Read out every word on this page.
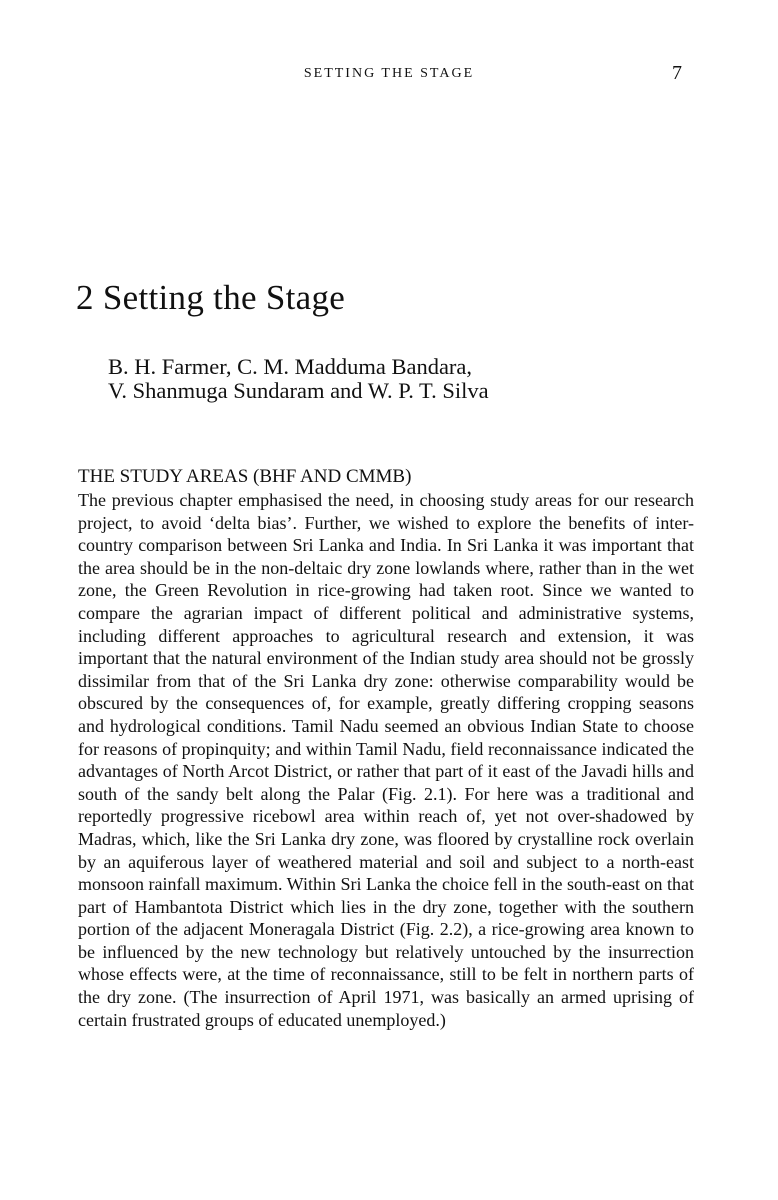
SETTING THE STAGE	7
2 Setting the Stage
B. H. Farmer, C. M. Madduma Bandara,
V. Shanmuga Sundaram and W. P. T. Silva
THE STUDY AREAS (BHF AND CMMB)

The previous chapter emphasised the need, in choosing study areas for our research project, to avoid ‘delta bias’. Further, we wished to explore the benefits of inter-country comparison between Sri Lanka and India. In Sri Lanka it was important that the area should be in the non-deltaic dry zone lowlands where, rather than in the wet zone, the Green Revolution in rice-growing had taken root. Since we wanted to compare the agrarian impact of different political and administrative systems, including different approaches to agricultural research and extension, it was important that the natural environment of the Indian study area should not be grossly dissimilar from that of the Sri Lanka dry zone: otherwise comparability would be obscured by the consequences of, for example, greatly differing cropping seasons and hydrological conditions. Tamil Nadu seemed an obvious Indian State to choose for reasons of propinquity; and within Tamil Nadu, field reconnaissance indicated the advantages of North Arcot District, or rather that part of it east of the Javadi hills and south of the sandy belt along the Palar (Fig. 2.1). For here was a traditional and reportedly progressive ricebowl area within reach of, yet not over-shadowed by Madras, which, like the Sri Lanka dry zone, was floored by crystalline rock overlain by an aquiferous layer of weathered material and soil and subject to a north-east monsoon rainfall maximum. Within Sri Lanka the choice fell in the south-east on that part of Hambantota District which lies in the dry zone, together with the southern portion of the adjacent Moneragala District (Fig. 2.2), a rice-growing area known to be influenced by the new technology but relatively untouched by the insurrection whose effects were, at the time of reconnaissance, still to be felt in northern parts of the dry zone. (The insurrection of April 1971, was basically an armed uprising of certain frustrated groups of educated unemployed.)
